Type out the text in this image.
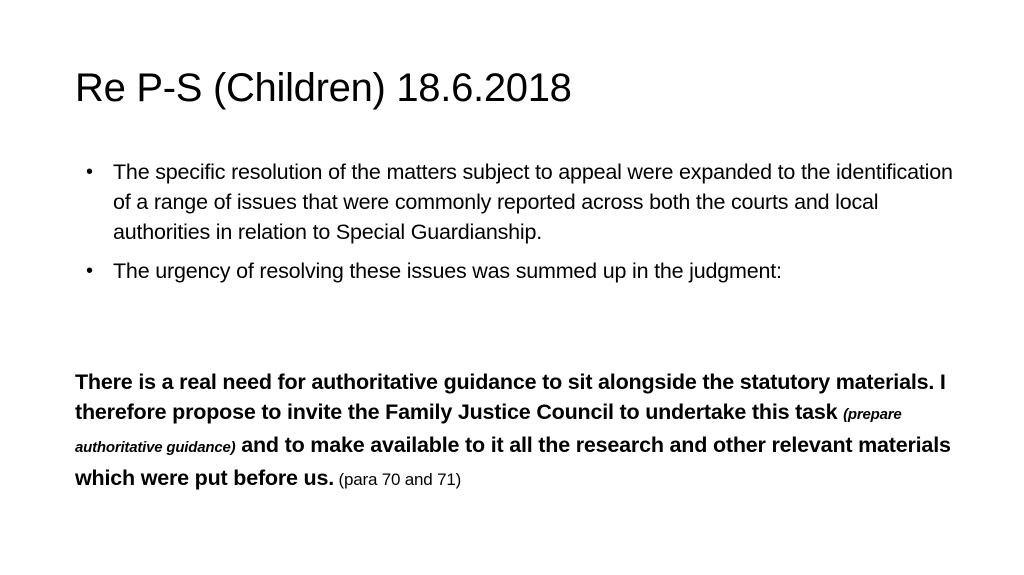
Re P-S (Children) 18.6.2018
• The specific resolution of the matters subject to appeal were expanded to the identification of a range of issues that were commonly reported across both the courts and local authorities in relation to Special Guardianship.
• The urgency of resolving these issues was summed up in the judgment:
There is a real need for authoritative guidance to sit alongside the statutory materials. I therefore propose to invite the Family Justice Council to undertake this task (prepare authoritative guidance) and to make available to it all the research and other relevant materials which were put before us. (para 70 and 71)
